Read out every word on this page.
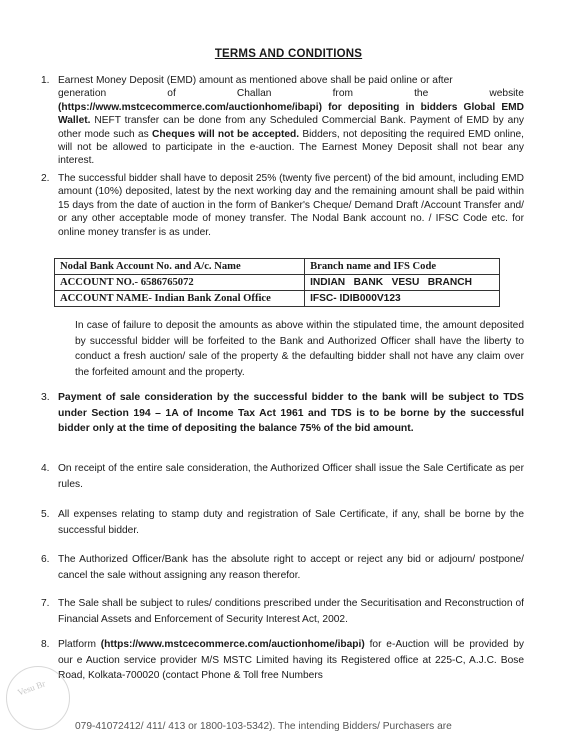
TERMS AND CONDITIONS
1. Earnest Money Deposit (EMD) amount as mentioned above shall be paid online or after
generation	of	Challan	from	the	website
(https://www.mstcecommerce.com/auctionhome/ibapi) for depositing in bidders Global EMD Wallet. NEFT transfer can be done from any Scheduled Commercial Bank. Payment of EMD by any other mode such as Cheques will not be accepted. Bidders, not depositing the required EMD online, will not be allowed to participate in the e-auction. The Earnest Money Deposit shall not bear any interest.
2. The successful bidder shall have to deposit 25% (twenty five percent) of the bid amount, including EMD amount (10%) deposited, latest by the next working day and the remaining amount shall be paid within 15 days from the date of auction in the form of Banker's Cheque/ Demand Draft /Account Transfer and/ or any other acceptable mode of money transfer. The Nodal Bank account no. / IFSC Code etc. for online money transfer is as under.
Nodal Bank Account No. and A/c. Name	Branch name and IFS Code
ACCOUNT NO.- 6586765072	INDIAN   BANK   VESU   BRANCH
ACCOUNT NAME- Indian Bank Zonal Office	IFSC- IDIB000V123
In case of failure to deposit the amounts as above within the stipulated time, the amount deposited by successful bidder will be forfeited to the Bank and Authorized Officer shall have the liberty to conduct a fresh auction/ sale of the property & the defaulting bidder shall not have any claim over the forfeited amount and the property.
3. Payment of sale consideration by the successful bidder to the bank will be subject to TDS under Section 194 – 1A of Income Tax Act 1961 and TDS is to be borne by the successful bidder only at the time of depositing the balance 75% of the bid amount.
4. On receipt of the entire sale consideration, the Authorized Officer shall issue the Sale Certificate as per rules.
5. All expenses relating to stamp duty and registration of Sale Certificate, if any, shall be borne by the successful bidder.
6. The Authorized Officer/Bank has the absolute right to accept or reject any bid or adjourn/ postpone/ cancel the sale without assigning any reason therefor.
7. The Sale shall be subject to rules/ conditions prescribed under the Securitisation and Reconstruction of Financial Assets and Enforcement of Security Interest Act, 2002.
8. Platform (https://www.mstcecommerce.com/auctionhome/ibapi) for e-Auction will be provided by our e Auction service provider M/S MSTC Limited having its Registered office at 225-C, A.J.C. Bose Road, Kolkata-700020 (contact Phone & Toll free Numbers
079-41072412/ 411/ 413 or 1800-103-5342). The intending Bidders/ Purchasers are
Vesu Br
